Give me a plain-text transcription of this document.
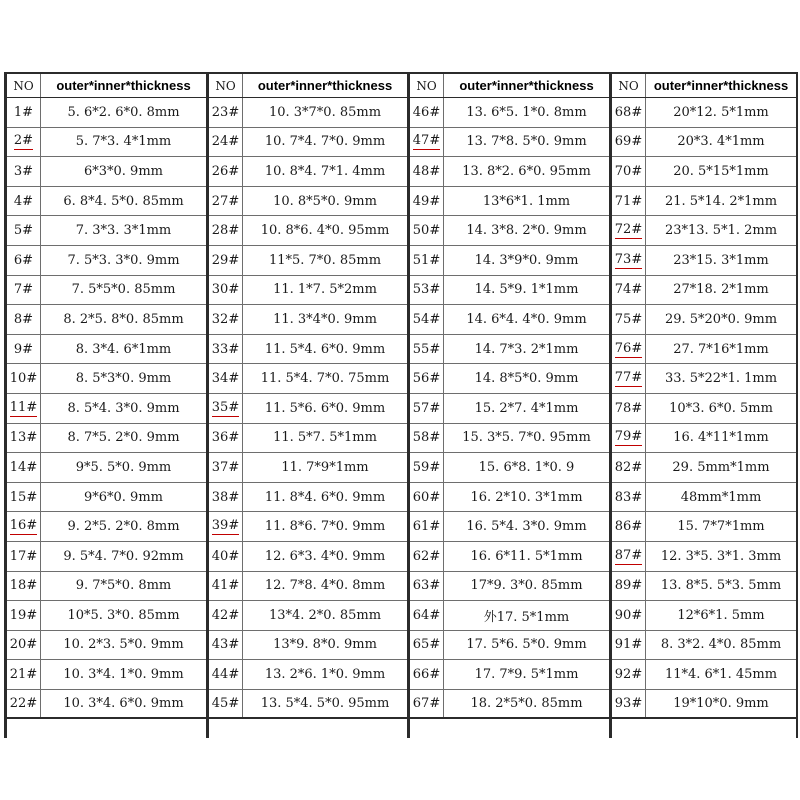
NO	outer*inner*thickness
1#	5. 6*2. 6*0. 8mm
2#	5. 7*3. 4*1mm
3#	6*3*0. 9mm
4#	6. 8*4. 5*0. 85mm
5#	7. 3*3. 3*1mm
6#	7. 5*3. 3*0. 9mm
7#	7. 5*5*0. 85mm
8#	8. 2*5. 8*0. 85mm
9#	8. 3*4. 6*1mm
10#	8. 5*3*0. 9mm
11#	8. 5*4. 3*0. 9mm
13#	8. 7*5. 2*0. 9mm
14#	9*5. 5*0. 9mm
15#	9*6*0. 9mm
16#	9. 2*5. 2*0. 8mm
17#	9. 5*4. 7*0. 92mm
18#	9. 7*5*0. 8mm
19#	10*5. 3*0. 85mm
20#	10. 2*3. 5*0. 9mm
21#	10. 3*4. 1*0. 9mm
22#	10. 3*4. 6*0. 9mm
NO	outer*inner*thickness
23#	10. 3*7*0. 85mm
24#	10. 7*4. 7*0. 9mm
26#	10. 8*4. 7*1. 4mm
27#	10. 8*5*0. 9mm
28#	10. 8*6. 4*0. 95mm
29#	11*5. 7*0. 85mm
30#	11. 1*7. 5*2mm
32#	11. 3*4*0. 9mm
33#	11. 5*4. 6*0. 9mm
34#	11. 5*4. 7*0. 75mm
35#	11. 5*6. 6*0. 9mm
36#	11. 5*7. 5*1mm
37#	11. 7*9*1mm
38#	11. 8*4. 6*0. 9mm
39#	11. 8*6. 7*0. 9mm
40#	12. 6*3. 4*0. 9mm
41#	12. 7*8. 4*0. 8mm
42#	13*4. 2*0. 85mm
43#	13*9. 8*0. 9mm
44#	13. 2*6. 1*0. 9mm
45#	13. 5*4. 5*0. 95mm
NO	outer*inner*thickness
46#	13. 6*5. 1*0. 8mm
47#	13. 7*8. 5*0. 9mm
48#	13. 8*2. 6*0. 95mm
49#	13*6*1. 1mm
50#	14. 3*8. 2*0. 9mm
51#	14. 3*9*0. 9mm
53#	14. 5*9. 1*1mm
54#	14. 6*4. 4*0. 9mm
55#	14. 7*3. 2*1mm
56#	14. 8*5*0. 9mm
57#	15. 2*7. 4*1mm
58#	15. 3*5. 7*0. 95mm
59#	15. 6*8. 1*0. 9
60#	16. 2*10. 3*1mm
61#	16. 5*4. 3*0. 9mm
62#	16. 6*11. 5*1mm
63#	17*9. 3*0. 85mm
64#	外17. 5*1mm
65#	17. 5*6. 5*0. 9mm
66#	17. 7*9. 5*1mm
67#	18. 2*5*0. 85mm
NO	outer*inner*thickness
68#	20*12. 5*1mm
69#	20*3. 4*1mm
70#	20. 5*15*1mm
71#	21. 5*14. 2*1mm
72#	23*13. 5*1. 2mm
73#	23*15. 3*1mm
74#	27*18. 2*1mm
75#	29. 5*20*0. 9mm
76#	27. 7*16*1mm
77#	33. 5*22*1. 1mm
78#	10*3. 6*0. 5mm
79#	16. 4*11*1mm
82#	29. 5mm*1mm
83#	48mm*1mm
86#	15. 7*7*1mm
87#	12. 3*5. 3*1. 3mm
89#	13. 8*5. 5*3. 5mm
90#	12*6*1. 5mm
91#	8. 3*2. 4*0. 85mm
92#	11*4. 6*1. 45mm
93#	19*10*0. 9mm
